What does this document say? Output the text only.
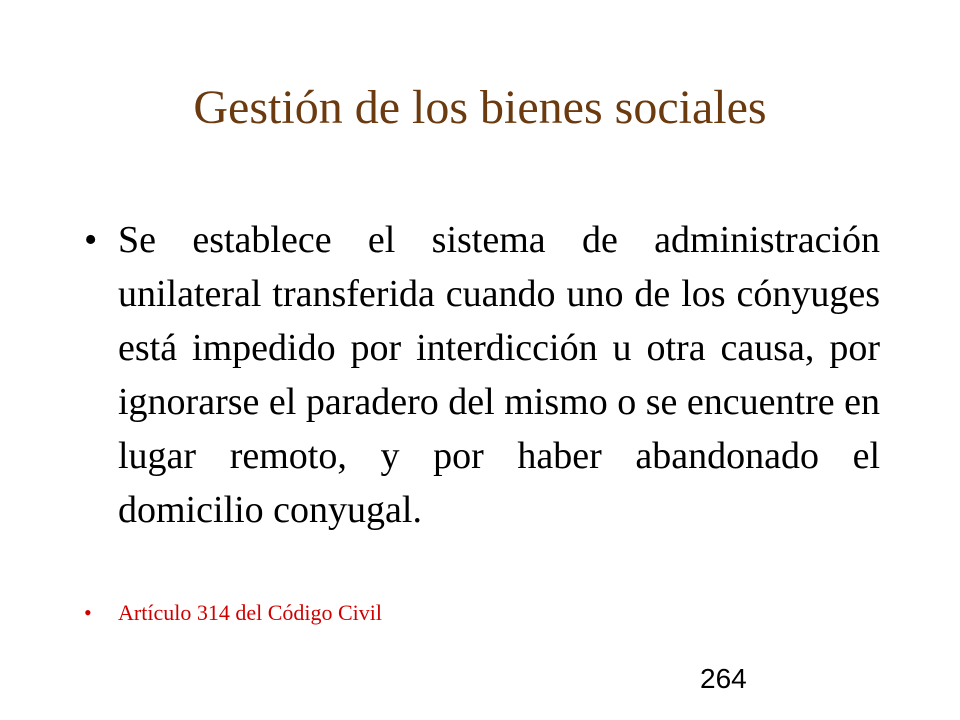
Gestión de los bienes sociales
• Se establece el sistema de administración unilateral transferida cuando uno de los cónyuges está impedido por interdicción u otra causa, por ignorarse el paradero del mismo o se encuentre en lugar remoto, y por haber abandonado el domicilio conyugal.
•	Artículo 314 del Código Civil
264
